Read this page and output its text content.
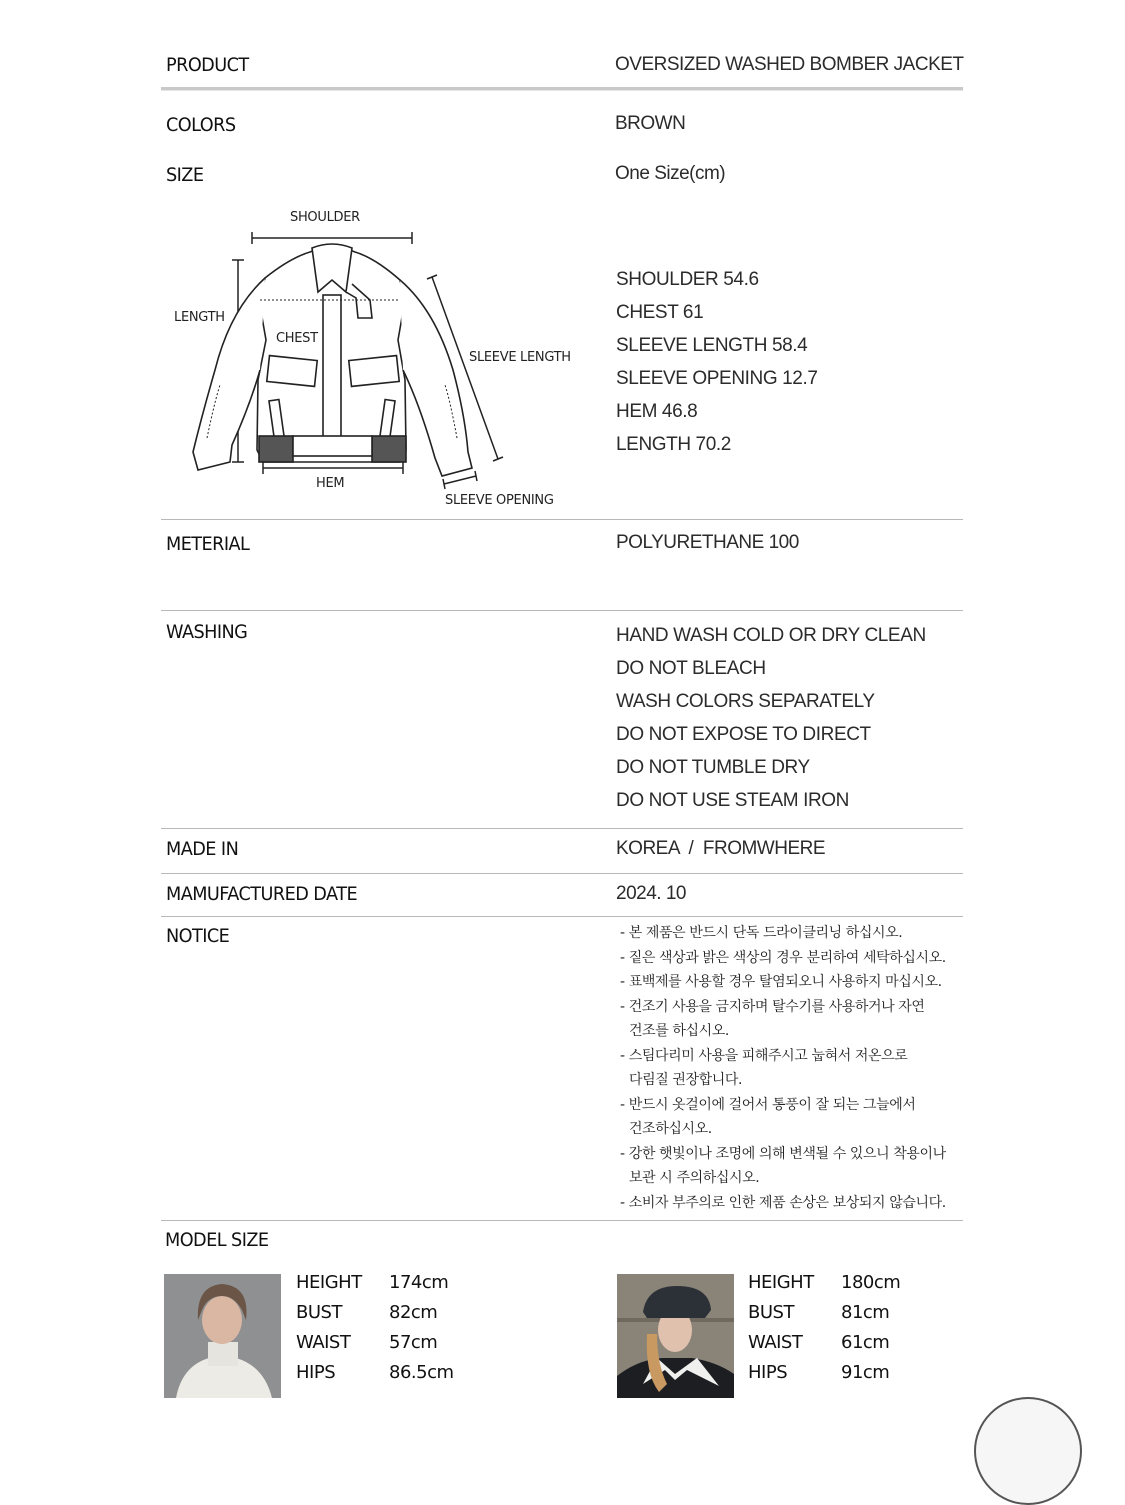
PRODUCT	OVERSIZED WASHED BOMBER JACKET
COLORS	BROWN
SIZE	One Size(cm)
SHOULDER
LENGTH
CHEST
SLEEVE LENGTH
HEM
SLEEVE OPENING
SHOULDER 54.6
CHEST 61
SLEEVE LENGTH 58.4
SLEEVE OPENING 12.7
HEM 46.8
LENGTH 70.2
METERIAL	POLYURETHANE 100
WASHING	HAND WASH COLD OR DRY CLEAN
DO NOT BLEACH
WASH COLORS SEPARATELY
DO NOT EXPOSE TO DIRECT
DO NOT TUMBLE DRY
DO NOT USE STEAM IRON
MADE IN	KOREA  /  FROMWHERE
MAMUFACTURED DATE	2024. 10
NOTICE	- 본 제품은 반드시 단독 드라이클리닝 하십시오.
- 짙은 색상과 밝은 색상의 경우 분리하여 세탁하십시오.
- 표백제를 사용할 경우 탈염되오니 사용하지 마십시오.
- 건조기 사용을 금지하며 탈수기를 사용하거나 자연
건조를 하십시오.
- 스팀다리미 사용을 피해주시고 눕혀서 저온으로
다림질 권장합니다.
- 반드시 옷걸이에 걸어서 통풍이 잘 되는 그늘에서
건조하십시오.
- 강한 햇빛이나 조명에 의해 변색될 수 있으니 착용이나
보관 시 주의하십시오.
- 소비자 부주의로 인한 제품 손상은 보상되지 않습니다.
MODEL SIZE
HEIGHT 174cm
BUST	82cm
WAIST 57cm
HIPS	86.5cm
HEIGHT 180cm
BUST	81cm
WAIST 61cm
HIPS	91cm
